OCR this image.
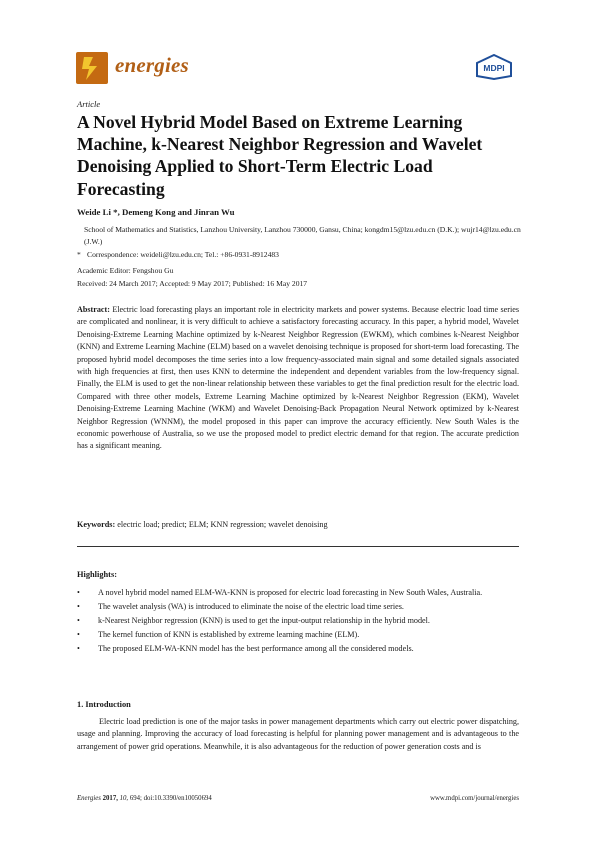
energies	MDPI
Article
A Novel Hybrid Model Based on Extreme Learning Machine, k-Nearest Neighbor Regression and Wavelet Denoising Applied to Short-Term Electric Load Forecasting
Weide Li *, Demeng Kong and Jinran Wu
School of Mathematics and Statistics, Lanzhou University, Lanzhou 730000, Gansu, China; kongdm15@lzu.edu.cn (D.K.); wujr14@lzu.edu.cn (J.W.)
* Correspondence: weideli@lzu.edu.cn; Tel.: +86-0931-8912483
Academic Editor: Fengshou Gu
Received: 24 March 2017; Accepted: 9 May 2017; Published: 16 May 2017
Abstract: Electric load forecasting plays an important role in electricity markets and power systems. Because electric load time series are complicated and nonlinear, it is very difficult to achieve a satisfactory forecasting accuracy. In this paper, a hybrid model, Wavelet Denoising-Extreme Learning Machine optimized by k-Nearest Neighbor Regression (EWKM), which combines k-Nearest Neighbor (KNN) and Extreme Learning Machine (ELM) based on a wavelet denoising technique is proposed for short-term load forecasting. The proposed hybrid model decomposes the time series into a low frequency-associated main signal and some detailed signals associated with high frequencies at first, then uses KNN to determine the independent and dependent variables from the low-frequency signal. Finally, the ELM is used to get the non-linear relationship between these variables to get the final prediction result for the electric load. Compared with three other models, Extreme Learning Machine optimized by k-Nearest Neighbor Regression (EKM), Wavelet Denoising-Extreme Learning Machine (WKM) and Wavelet Denoising-Back Propagation Neural Network optimized by k-Nearest Neighbor Regression (WNNM), the model proposed in this paper can improve the accuracy efficiently. New South Wales is the economic powerhouse of Australia, so we use the proposed model to predict electric demand for that region. The accurate prediction has a significant meaning.
Keywords: electric load; predict; ELM; KNN regression; wavelet denoising
Highlights:
• A novel hybrid model named ELM-WA-KNN is proposed for electric load forecasting in New South Wales, Australia.
• The wavelet analysis (WA) is introduced to eliminate the noise of the electric load time series.
• k-Nearest Neighbor regression (KNN) is used to get the input-output relationship in the hybrid model.
• The kernel function of KNN is established by extreme learning machine (ELM).
• The proposed ELM-WA-KNN model has the best performance among all the considered models.
1. Introduction
Electric load prediction is one of the major tasks in power management departments which carry out electric power dispatching, usage and planning. Improving the accuracy of load forecasting is helpful for planning power management and is advantageous to the arrangement of power grid operations. Meanwhile, it is also advantageous for the reduction of power generation costs and is
Energies 2017, 10, 694; doi:10.3390/en10050694	www.mdpi.com/journal/energies
